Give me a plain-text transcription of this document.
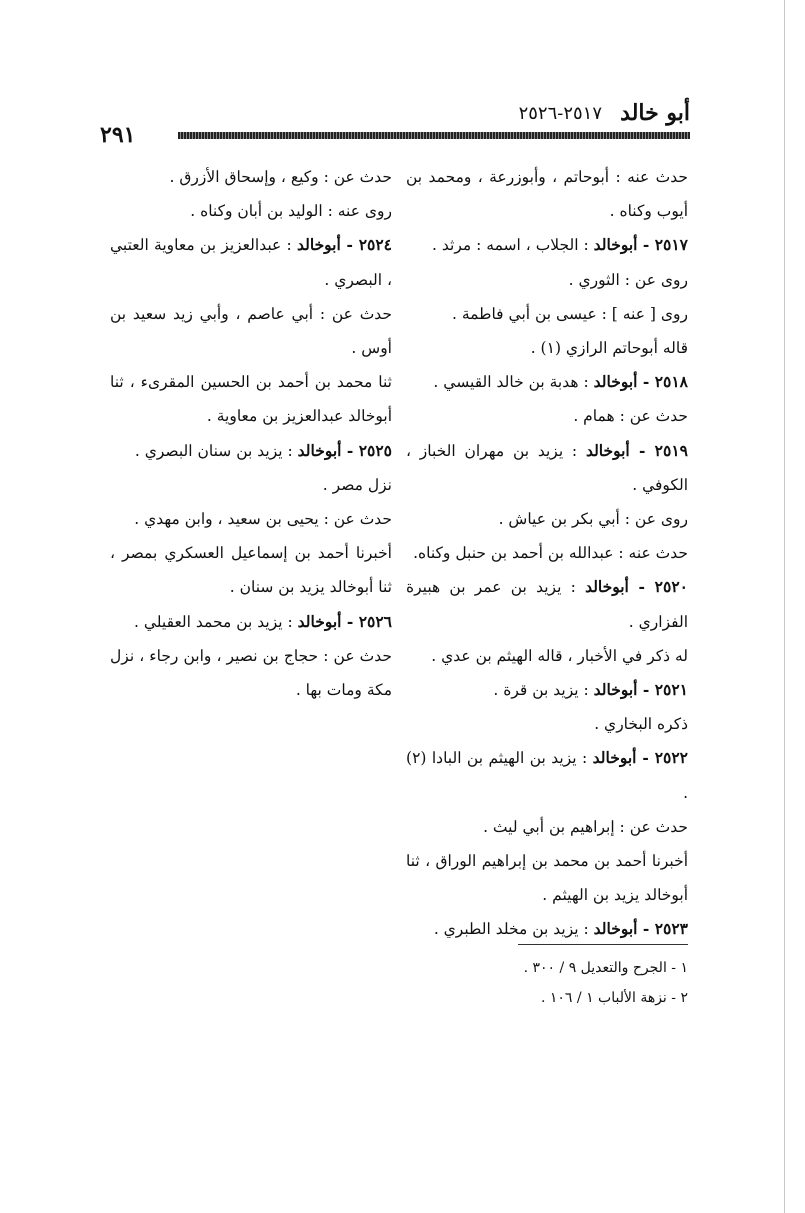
أبو خالد
٢٥١٧-٢٥٢٦
٢٩١

حدث عنه : أبوحاتم ، وأبوزرعة ، ومحمد بن أيوب وكناه .

٢٥١٧ - أبوخالد : الجلاب ، اسمه : مرثد .

روى عن : الثوري .

روى [ عنه ] : عيسى بن أبي فاطمة .

قاله أبوحاتم الرازي (١) .

٢٥١٨ - أبوخالد : هدبة بن خالد القيسي .

حدث عن : همام .

٢٥١٩ - أبوخالد : يزيد بن مهران الخباز ، الكوفي .

روى عن : أبي بكر بن عياش .

حدث عنه : عبدالله بن أحمد بن حنبل وكناه.

٢٥٢٠ - أبوخالد : يزيد بن عمر بن هبيرة الفزاري .

له ذكر في الأخبار ، قاله الهيثم بن عدي .

٢٥٢١ - أبوخالد : يزيد بن قرة .

ذكره البخاري .

٢٥٢٢ - أبوخالد : يزيد بن الهيثم بن البادا (٢) .

حدث عن : إبراهيم بن أبي ليث .

أخبرنا أحمد بن محمد بن إبراهيم الوراق ، ثنا أبوخالد يزيد بن الهيثم .

٢٥٢٣ - أبوخالد : يزيد بن مخلد الطبري .

حدث عن : وكيع ، وإسحاق الأزرق .

روى عنه : الوليد بن أبان وكناه .

٢٥٢٤ - أبوخالد : عبدالعزيز بن معاوية العتبي ، البصري .

حدث عن : أبي عاصم ، وأبي زيد سعيد بن أوس .

ثنا محمد بن أحمد بن الحسين المقرىء ، ثنا أبوخالد عبدالعزيز بن معاوية .

٢٥٢٥ - أبوخالد : يزيد بن سنان البصري .

نزل مصر .

حدث عن : يحيى بن سعيد ، وابن مهدي .

أخبرنا أحمد بن إسماعيل العسكري بمصر ، ثنا أبوخالد يزيد بن سنان .

٢٥٢٦ - أبوخالد : يزيد بن محمد العقيلي .

حدث عن : حجاج بن نصير ، وابن رجاء ، نزل مكة ومات بها .

١ - الجرح والتعديل ٩ / ٣٠٠ .

٢ - نزهة الألباب ١ / ١٠٦ .
